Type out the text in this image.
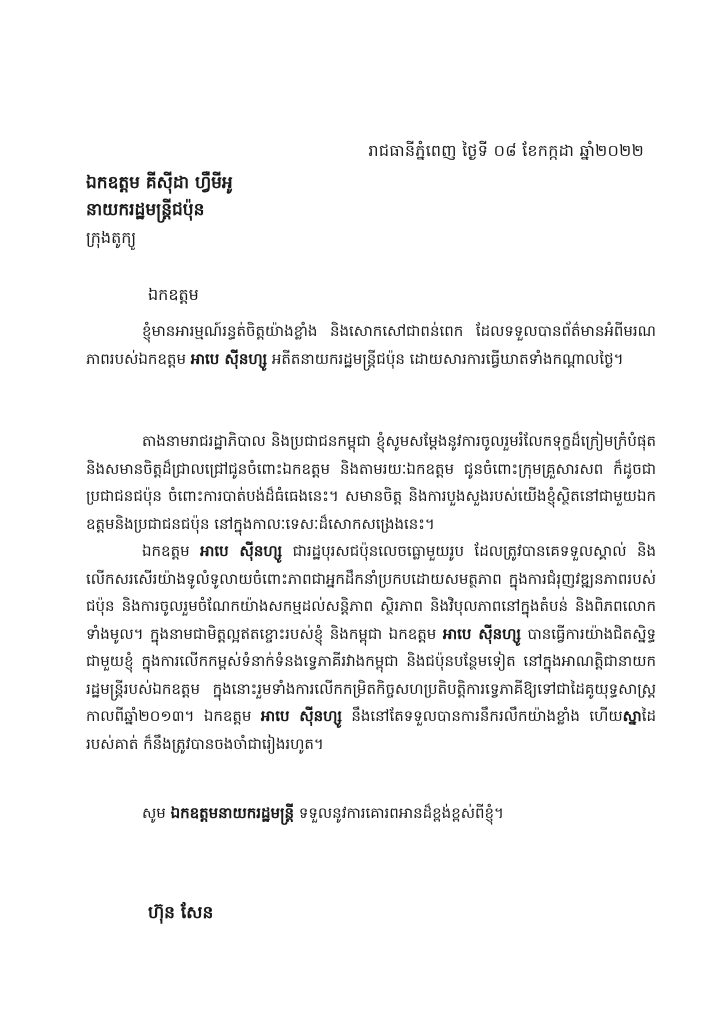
រាជធានីភ្នំពេញ ថ្ងៃទី ០៨ ខែកក្កដា ឆ្នាំ២០២២
ឯកឧត្តម គីស៊ីដា ហ្វឺមីអូ
នាយករដ្ឋមន្ត្រីជប៉ុន
ក្រុងតូក្យូ
ឯកឧត្តម

ខ្ញុំមានអារម្មណ៍រន្ធត់ចិត្តយ៉ាងខ្លាំង និងសោកសៅជាពន់ពេក ដែលទទួលបានព័ត៌មានអំពីមរណភាពរបស់ឯកឧត្តម អាបេ ស៊ីនហ្សូ អតីតនាយករដ្ឋមន្ត្រីជប៉ុន ដោយសារការធ្វើឃាតទាំងកណ្តាលថ្ងៃ។

តាងនាមរាជរដ្ឋាភិបាល និងប្រជាជនកម្ពុជា ខ្ញុំសូមសម្តែងនូវការចូលរួមរំលែកទុក្ខដ៏ក្រៀមក្រំបំផុត និងសមានចិត្តដ៏ជ្រាលជ្រៅជូនចំពោះឯកឧត្តម និងតាមរយៈឯកឧត្តម ជូនចំពោះក្រុមគ្រួសារសព ក៏ដូចជាប្រជាជនជប៉ុន ចំពោះការបាត់បង់ដ៏ធំធេងនេះ។ សមានចិត្ត និងការបួងសួងរបស់យើងខ្ញុំស្ថិតនៅជាមួយឯកឧត្តមនិងប្រជាជនជប៉ុន នៅក្នុងកាលៈទេសៈដ៏សោកសង្រេងនេះ។

ឯកឧត្តម អាបេ ស៊ីនហ្សូ ជារដ្ឋបុរសជប៉ុនលេចធ្លោមួយរូប ដែលត្រូវបានគេទទួលស្គាល់ និងលើកសរសើរយ៉ាងទូលំទូលាយចំពោះភាពជាអ្នកដឹកនាំប្រកបដោយសមត្ថភាព ក្នុងការជំរុញវឌ្ឍនភាពរបស់ជប៉ុន និងការចូលរួមចំណែកយ៉ាងសកម្មដល់សន្តិភាព ស្ថិរភាព និងវិបុលភាពនៅក្នុងតំបន់ និងពិភពលោកទាំងមូល។ ក្នុងនាមជាមិត្តល្អឥតខ្ចោះរបស់ខ្ញុំ និងកម្ពុជា ឯកឧត្តម អាបេ ស៊ីនហ្សូ បានធ្វើការយ៉ាងជិតស្និទ្ធជាមួយខ្ញុំ ក្នុងការលើកកម្ពស់ទំនាក់ទំនងទ្វេភាគីរវាងកម្ពុជា និងជប៉ុនបន្ថែមទៀត នៅក្នុងអាណត្តិជានាយករដ្ឋមន្ត្រីរបស់ឯកឧត្តម ក្នុងនោះរួមទាំងការលើកកម្រិតកិច្ចសហប្រតិបត្តិការទ្វេភាគីឱ្យទៅជាដៃគូយុទ្ធសាស្ត្រ កាលពីឆ្នាំ២០១៣។ ឯកឧត្តម អាបេ ស៊ីនហ្សូ នឹងនៅតែទទួលបានការនឹករលឹកយ៉ាងខ្លាំង ហើយស្នាដៃរបស់គាត់ ក៏នឹងត្រូវបានចងចាំជារៀងរហូត។

សូម ឯកឧត្តមនាយករដ្ឋមន្ត្រី ទទួលនូវការគោរពអានដ៏ខ្ពង់ខ្ពស់ពីខ្ញុំ។

ហ៊ុន សែន
